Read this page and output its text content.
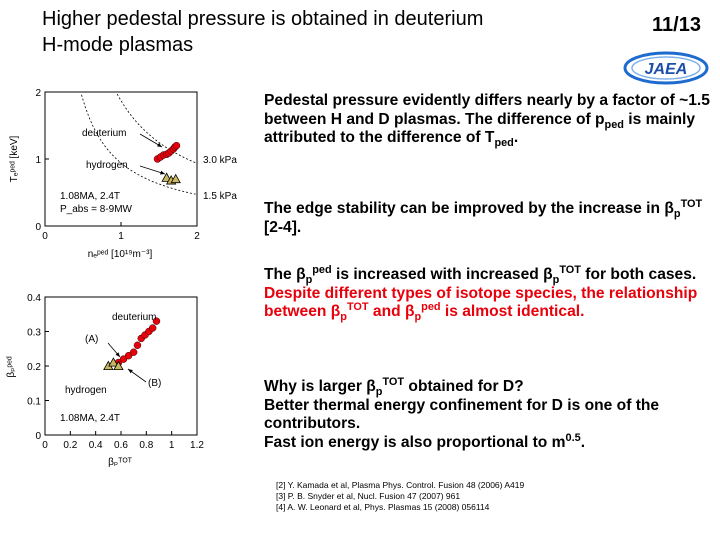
Higher pedestal pressure is obtained in deuterium
H-mode plasmas
11/13
JAEA
0	1	2
0
1
2
3.0 kPa
1.5 kPa
deuterium
hydrogen
1.08MA, 2.4T
P_abs = 8-9MW
nₑᵖᵉᵈ [10¹⁹m⁻³]
Tₑᵖᵉᵈ [keV]
0 0.2 0.4 0.6 0.8 1 1.2
0
0.1
0.2
0.3
0.4
deuterium
(A)
(B)
hydrogen
1.08MA, 2.4T
βₚᵀᴼᵀ
βₚᵖᵉᵈ
Pedestal pressure evidently differs nearly by a factor of ~1.5 between H and D plasmas. The difference of $p_{ped}$ is mainly attributed to the difference of $T_{ped}$.
The edge stability can be improved by the increase in $\beta_p^{TOT}$ [2-4].
The $\beta_p^{ped}$ is increased with increased $\beta_p^{TOT}$ for both cases. Despite different types of isotope species, the relationship between $\beta_p^{TOT}$ and $\beta_p^{ped}$ is almost identical.
Why is larger $\beta_p^{TOT}$ obtained for D?
Better thermal energy confinement for D is one of the contributors.
Fast ion energy is also proportional to $m^{0.5}$.
[2] Y. Kamada et al, Plasma Phys. Control. Fusion 48 (2006) A419
[3] P. B. Snyder et al, Nucl. Fusion 47 (2007) 961
[4] A. W. Leonard et al, Phys. Plasmas 15 (2008) 056114
